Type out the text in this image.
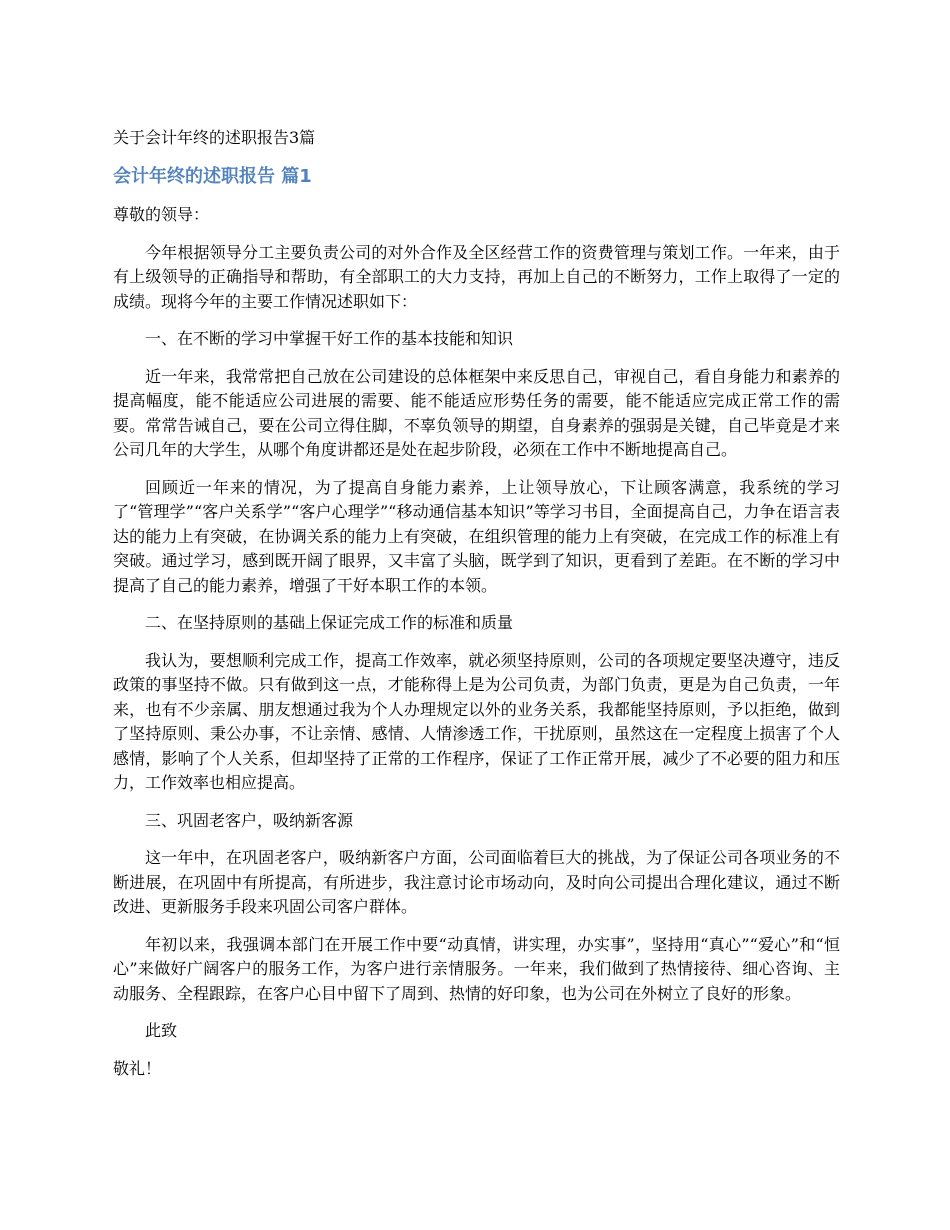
关于会计年终的述职报告3篇
会计年终的述职报告 篇1

尊敬的领导：

今年根据领导分工主要负责公司的对外合作及全区经营工作的资费管理与策划工作。一年来，由于有上级领导的正确指导和帮助，有全部职工的大力支持，再加上自己的不断努力，工作上取得了一定的成绩。现将今年的主要工作情况述职如下：

一、在不断的学习中掌握干好工作的基本技能和知识

近一年来，我常常把自己放在公司建设的总体框架中来反思自己，审视自己，看自身能力和素养的提高幅度，能不能适应公司进展的需要、能不能适应形势任务的需要，能不能适应完成正常工作的需要。常常告诫自己，要在公司立得住脚，不辜负领导的期望，自身素养的强弱是关键，自己毕竟是才来公司几年的大学生，从哪个角度讲都还是处在起步阶段，必须在工作中不断地提高自己。

回顾近一年来的情况，为了提高自身能力素养，上让领导放心，下让顾客满意，我系统的学习了“管理学”“客户关系学”“客户心理学”“移动通信基本知识”等学习书目，全面提高自己，力争在语言表达的能力上有突破，在协调关系的能力上有突破，在组织管理的能力上有突破，在完成工作的标准上有突破。通过学习，感到既开阔了眼界，又丰富了头脑，既学到了知识，更看到了差距。在不断的学习中提高了自己的能力素养，增强了干好本职工作的本领。

二、在坚持原则的基础上保证完成工作的标准和质量

我认为，要想顺利完成工作，提高工作效率，就必须坚持原则，公司的各项规定要坚决遵守，违反政策的事坚持不做。只有做到这一点，才能称得上是为公司负责，为部门负责，更是为自己负责，一年来，也有不少亲属、朋友想通过我为个人办理规定以外的业务关系，我都能坚持原则，予以拒绝，做到了坚持原则、秉公办事，不让亲情、感情、人情渗透工作，干扰原则，虽然这在一定程度上损害了个人感情，影响了个人关系，但却坚持了正常的工作程序，保证了工作正常开展，减少了不必要的阻力和压力，工作效率也相应提高。

三、巩固老客户，吸纳新客源

这一年中，在巩固老客户，吸纳新客户方面，公司面临着巨大的挑战，为了保证公司各项业务的不断进展，在巩固中有所提高，有所进步，我注意讨论市场动向，及时向公司提出合理化建议，通过不断改进、更新服务手段来巩固公司客户群体。

年初以来，我强调本部门在开展工作中要“动真情，讲实理，办实事”，坚持用“真心”“爱心”和“恒心”来做好广阔客户的服务工作，为客户进行亲情服务。一年来，我们做到了热情接待、细心咨询、主动服务、全程跟踪，在客户心目中留下了周到、热情的好印象，也为公司在外树立了良好的形象。

此致

敬礼！
